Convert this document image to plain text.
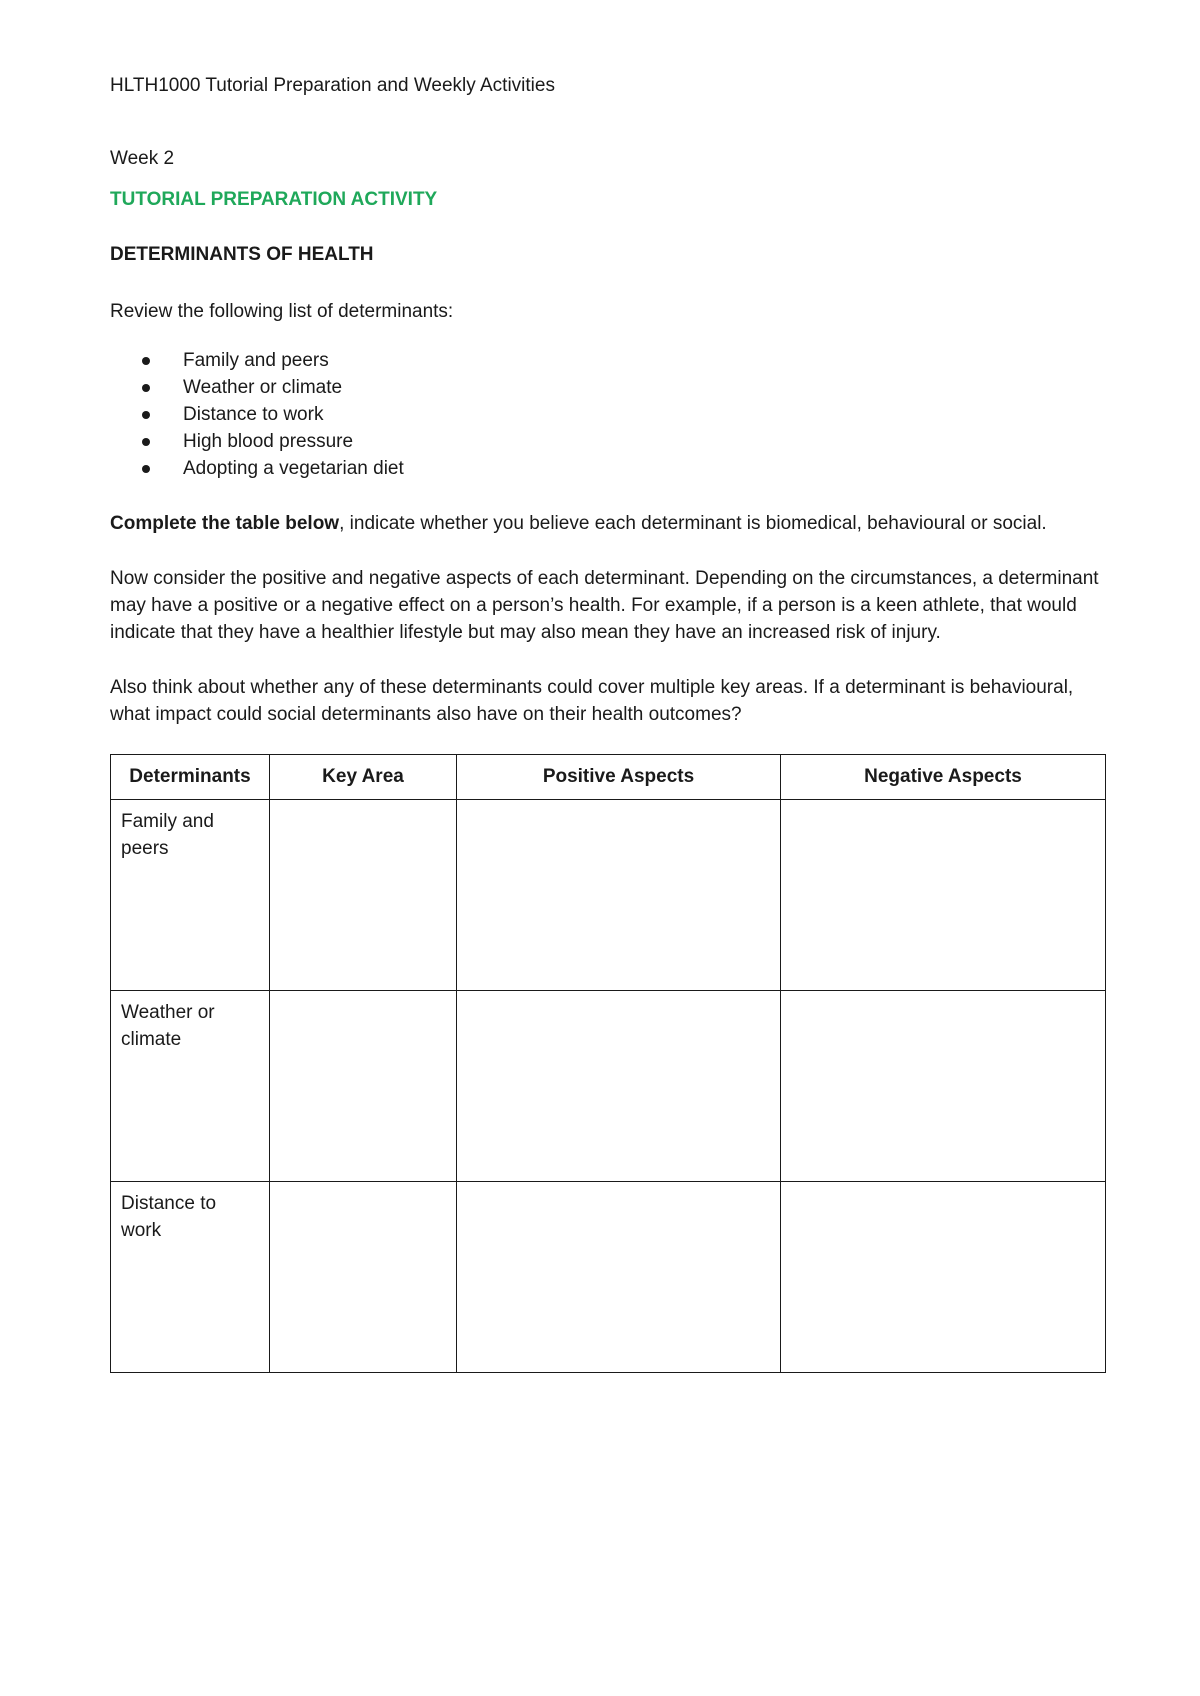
HLTH1000 Tutorial Preparation and Weekly Activities

Week 2

TUTORIAL PREPARATION ACTIVITY

DETERMINANTS OF HEALTH

Review the following list of determinants:

Family and peers
Weather or climate
Distance to work
High blood pressure
Adopting a vegetarian diet

Complete the table below, indicate whether you believe each determinant is biomedical, behavioural or social.

Now consider the positive and negative aspects of each determinant. Depending on the circumstances, a determinant may have a positive or a negative effect on a person’s health. For example, if a person is a keen athlete, that would indicate that they have a healthier lifestyle but may also mean they have an increased risk of injury.

Also think about whether any of these determinants could cover multiple key areas. If a determinant is behavioural, what impact could social determinants also have on their health outcomes?

Determinants	Key Area	Positive Aspects	Negative Aspects
Family and peers			
Weather or climate			
Distance to work			
